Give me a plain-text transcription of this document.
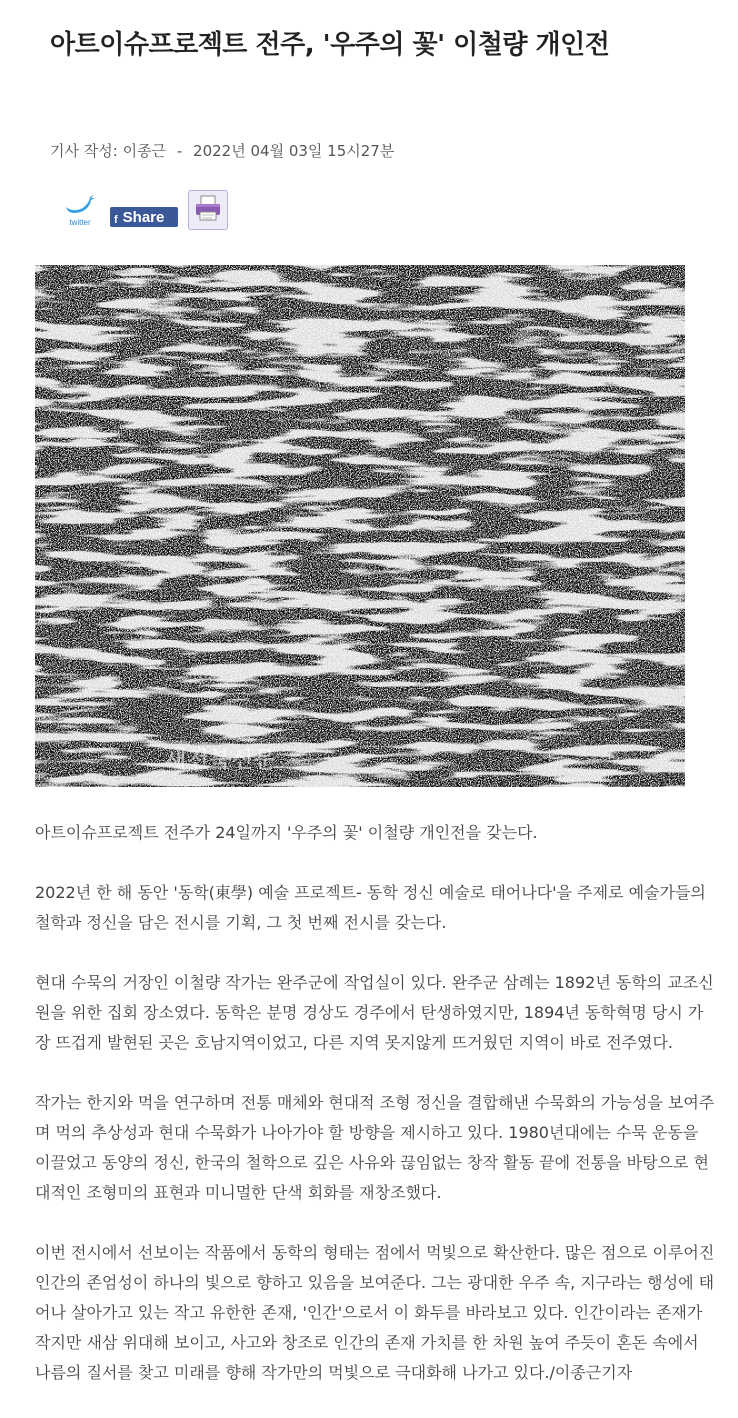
아트이슈프로젝트 전주, '우주의 꽃' 이철량 개인전
기사 작성: 이종근 - 2022년 04월 03일 15시27분
twitter f Share
새전북신문

아트이슈프로젝트 전주가 24일까지 '우주의 꽃' 이철량 개인전을 갖는다.

2022년 한 해 동안 '동학(東學) 예술 프로젝트- 동학 정신 예술로 태어나다'을 주제로 예술가들의 철학과 정신을 담은 전시를 기획, 그 첫 번째 전시를 갖는다.

현대 수묵의 거장인 이철량 작가는 완주군에 작업실이 있다. 완주군 삼례는 1892년 동학의 교조신원을 위한 집회 장소였다. 동학은 분명 경상도 경주에서 탄생하였지만, 1894년 동학혁명 당시 가장 뜨겁게 발현된 곳은 호남지역이었고, 다른 지역 못지않게 뜨거웠던 지역이 바로 전주였다.

작가는 한지와 먹을 연구하며 전통 매체와 현대적 조형 정신을 결합해낸 수묵화의 가능성을 보여주며 먹의 추상성과 현대 수묵화가 나아가야 할 방향을 제시하고 있다. 1980년대에는 수묵 운동을 이끌었고 동양의 정신, 한국의 철학으로 깊은 사유와 끊임없는 창작 활동 끝에 전통을 바탕으로 현대적인 조형미의 표현과 미니멀한 단색 회화를 재창조했다.

이번 전시에서 선보이는 작품에서 동학의 형태는 점에서 먹빛으로 확산한다. 많은 점으로 이루어진 인간의 존엄성이 하나의 빛으로 향하고 있음을 보여준다. 그는 광대한 우주 속, 지구라는 행성에 태어나 살아가고 있는 작고 유한한 존재, '인간'으로서 이 화두를 바라보고 있다. 인간이라는 존재가 작지만 새삼 위대해 보이고, 사고와 창조로 인간의 존재 가치를 한 차원 높여 주듯이 혼돈 속에서 나름의 질서를 찾고 미래를 향해 작가만의 먹빛으로 극대화해 나가고 있다./이종근기자
